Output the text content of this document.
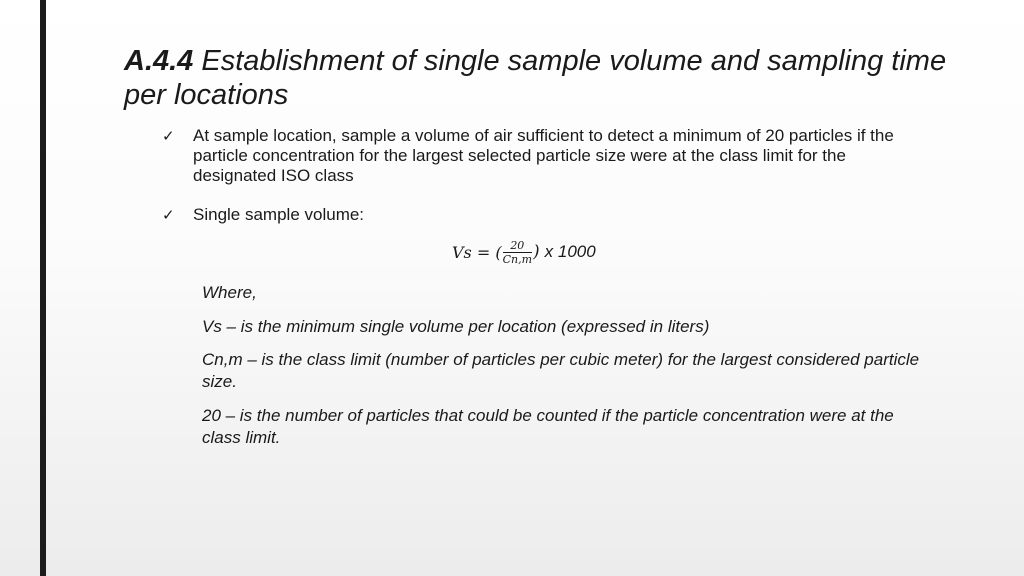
A.4.4 Establishment of single sample volume and sampling time per locations
✓ At sample location, sample a volume of air sufficient to detect a minimum of 20 particles if the particle concentration for the largest selected particle size were at the class limit for the designated ISO class
✓ Single sample volume:
Vs = ( $\frac{20}{Cn,m}$ ) x 1000
Where,
Vs – is the minimum single volume per location (expressed in liters)
Cn,m – is the class limit (number of particles per cubic meter) for the largest considered particle size.
20 – is the number of particles that could be counted if the particle concentration were at the class limit.
